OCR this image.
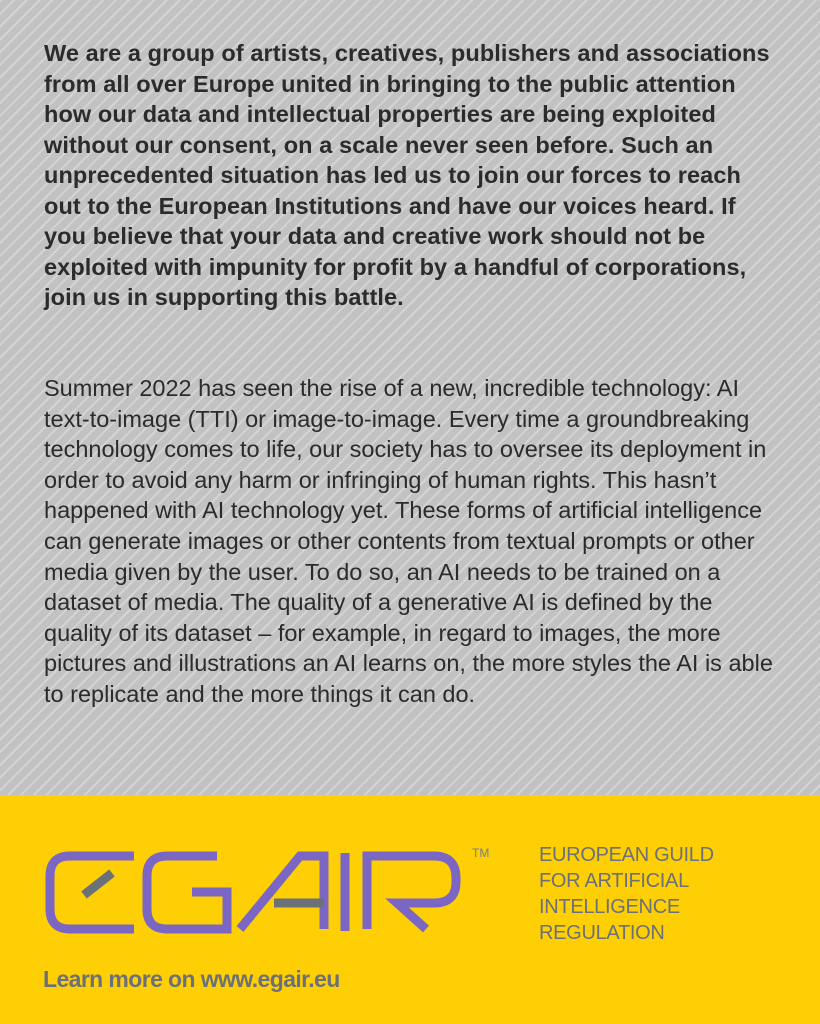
We are a group of artists, creatives, publishers and associations from all over Europe united in bringing to the public attention how our data and intellectual properties are being exploited without our consent, on a scale never seen before. Such an unprecedented situation has led us to join our forces to reach out to the European Institutions and have our voices heard. If you believe that your data and creative work should not be exploited with impunity for profit by a handful of corporations, join us in supporting this battle.

Summer 2022 has seen the rise of a new, incredible technology: AI text-to-image (TTI) or image-to-image. Every time a groundbreaking technology comes to life, our society has to oversee its deployment in order to avoid any harm or infringing of human rights. This hasn’t happened with AI technology yet. These forms of artificial intelligence can generate images or other contents from textual prompts or other media given by the user. To do so, an AI needs to be trained on a dataset of media. The quality of a generative AI is defined by the quality of its dataset – for example, in regard to images, the more pictures and illustrations an AI learns on, the more styles the AI is able to replicate and the more things it can do.

TM EUROPEAN GUILD
FOR ARTIFICIAL
INTELLIGENCE
REGULATION

Learn more on www.egair.eu
